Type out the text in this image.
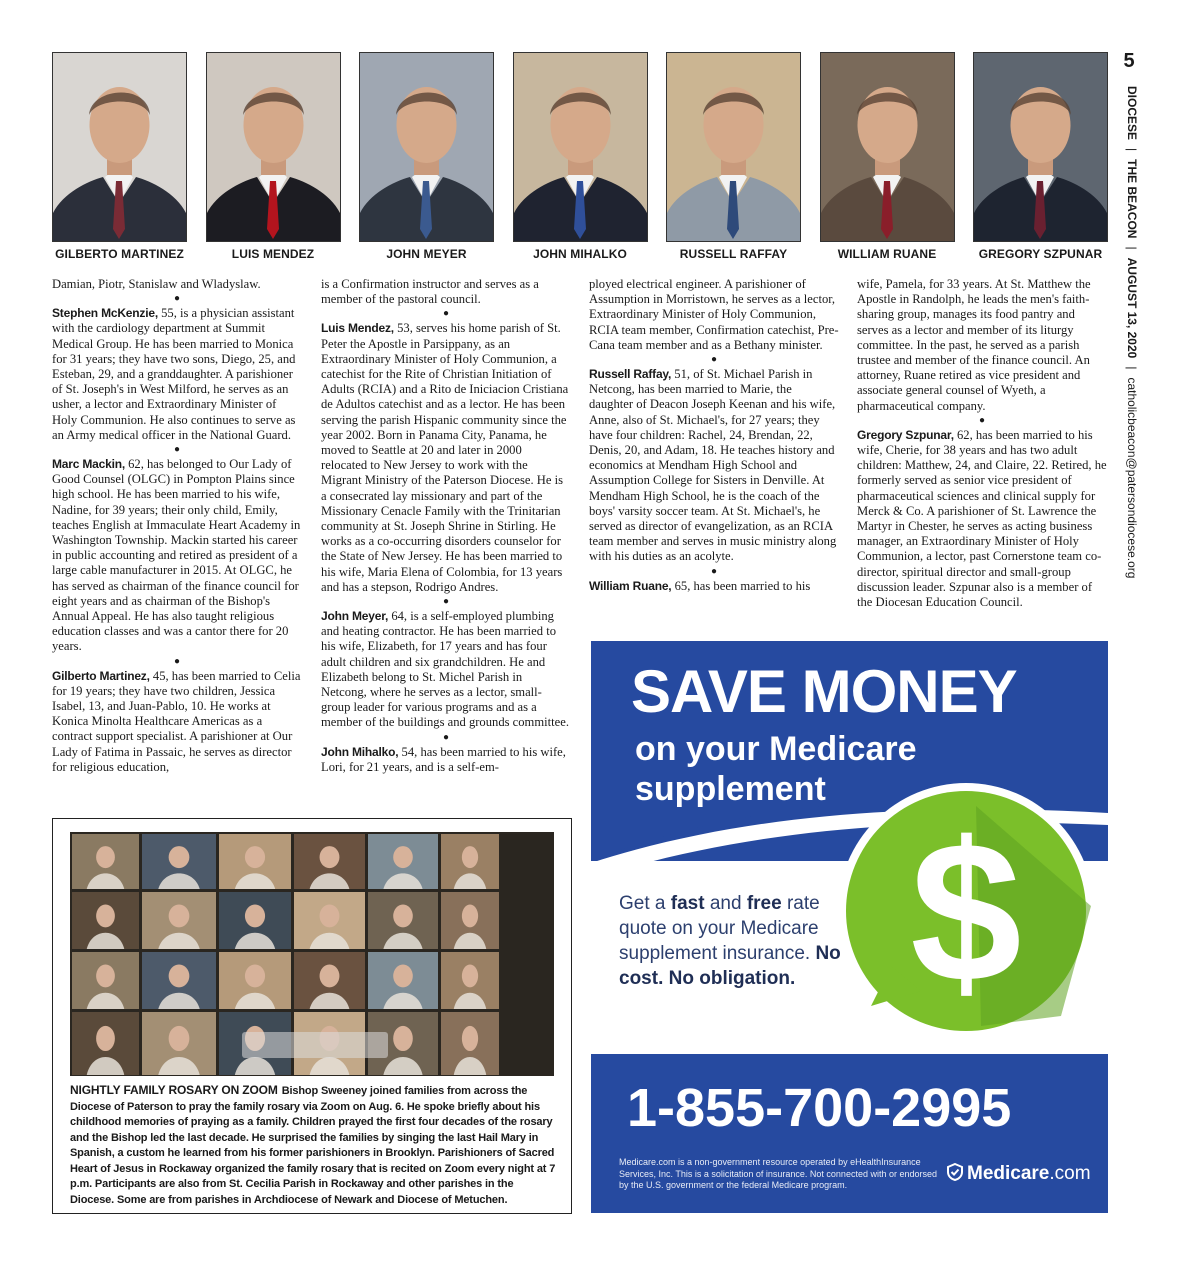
GILBERTO MARTINEZ	LUIS MENDEZ	JOHN MEYER	JOHN MIHALKO	RUSSELL RAFFAY	WILLIAM RUANE	GREGORY SZPUNAR
5
DIOCESE|THE BEACON|AUGUST 13, 2020|catholicbeacon@patersondiocese.org

Damian, Piotr, Stanislaw and Wladyslaw.

●

Stephen McKenzie, 55, is a physician assistant with the cardiology department at Summit Medical Group. He has been married to Monica for 31 years; they have two sons, Diego, 25, and Esteban, 29, and a granddaughter. A parishioner of St. Joseph's in West Milford, he serves as an usher, a lector and Extraordinary Minister of Holy Communion. He also continues to serve as an Army medical officer in the National Guard.

●

Marc Mackin, 62, has belonged to Our Lady of Good Counsel (OLGC) in Pompton Plains since high school. He has been married to his wife, Nadine, for 39 years; their only child, Emily, teaches English at Immaculate Heart Academy in Washington Township. Mackin started his career in public accounting and retired as president of a large cable manufacturer in 2015. At OLGC, he has served as chairman of the finance council for eight years and as chairman of the Bishop's Annual Appeal. He has also taught religious education classes and was a cantor there for 20 years.

●

Gilberto Martinez, 45, has been married to Celia for 19 years; they have two children, Jessica Isabel, 13, and Juan-Pablo, 10. He works at Konica Minolta Healthcare Americas as a contract support specialist. A parishioner at Our Lady of Fatima in Passaic, he serves as director for religious education,

is a Confirmation instructor and serves as a member of the pastoral council.

●

Luis Mendez, 53, serves his home parish of St. Peter the Apostle in Parsippany, as an Extraordinary Minister of Holy Communion, a catechist for the Rite of Christian Initiation of Adults (RCIA) and a Rito de Iniciacion Cristiana de Adultos catechist and as a lector. He has been serving the parish Hispanic community since the year 2002. Born in Panama City, Panama, he moved to Seattle at 20 and later in 2000 relocated to New Jersey to work with the Migrant Ministry of the Paterson Diocese. He is a consecrated lay missionary and part of the Missionary Cenacle Family with the Trinitarian community at St. Joseph Shrine in Stirling. He works as a co-occurring disorders counselor for the State of New Jersey. He has been married to his wife, Maria Elena of Colombia, for 13 years and has a stepson, Rodrigo Andres.

●

John Meyer, 64, is a self-employed plumbing and heating contractor. He has been married to his wife, Elizabeth, for 17 years and has four adult children and six grandchildren. He and Elizabeth belong to St. Michel Parish in Netcong, where he serves as a lector, small-group leader for various programs and as a member of the buildings and grounds committee.

●

John Mihalko, 54, has been married to his wife, Lori, for 21 years, and is a self-em-

ployed electrical engineer. A parishioner of Assumption in Morristown, he serves as a lector, Extraordinary Minister of Holy Communion, RCIA team member, Confirmation catechist, Pre-Cana team member and as a Bethany minister.

●

Russell Raffay, 51, of St. Michael Parish in Netcong, has been married to Marie, the daughter of Deacon Joseph Keenan and his wife, Anne, also of St. Michael's, for 27 years; they have four children: Rachel, 24, Brendan, 22, Denis, 20, and Adam, 18. He teaches history and economics at Mendham High School and Assumption College for Sisters in Denville. At Mendham High School, he is the coach of the boys' varsity soccer team. At St. Michael's, he served as director of evangelization, as an RCIA team member and serves in music ministry along with his duties as an acolyte.

●

William Ruane, 65, has been married to his

wife, Pamela, for 33 years. At St. Matthew the Apostle in Randolph, he leads the men's faith-sharing group, manages its food pantry and serves as a lector and member of its liturgy committee. In the past, he served as a parish trustee and member of the finance council. An attorney, Ruane retired as vice president and associate general counsel of Wyeth, a pharmaceutical company.

●

Gregory Szpunar, 62, has been married to his wife, Cherie, for 38 years and has two adult children: Matthew, 24, and Claire, 22. Retired, he formerly served as senior vice president of pharmaceutical sciences and clinical supply for Merck & Co. A parishioner of St. Lawrence the Martyr in Chester, he serves as acting business manager, an Extraordinary Minister of Holy Communion, a lector, past Cornerstone team co-director, spiritual director and small-group discussion leader. Szpunar also is a member of the Diocesan Education Council.

NIGHTLY FAMILY ROSARY ON ZOOM Bishop Sweeney joined families from across the Diocese of Paterson to pray the family rosary via Zoom on Aug. 6. He spoke briefly about his childhood memories of praying as a family. Children prayed the first four decades of the rosary and the Bishop led the last decade. He surprised the families by singing the last Hail Mary in Spanish, a custom he learned from his former parishioners in Brooklyn. Parishioners of Sacred Heart of Jesus in Rockaway organized the family rosary that is recited on Zoom every night at 7 p.m. Participants are also from St. Cecilia Parish in Rockaway and other parishes in the Diocese. Some are from parishes in Archdiocese of Newark and Diocese of Metuchen.
SAVE MONEY
on your Medicare supplement
$
Get a fast and free rate quote on your Medicare supplement insurance. No cost. No obligation.
1-855-700-2995
Medicare.com is a non-government resource operated by eHealthInsurance Services, Inc. This is a solicitation of insurance. Not connected with or endorsed by the U.S. government or the federal Medicare program.
Medicare.com
